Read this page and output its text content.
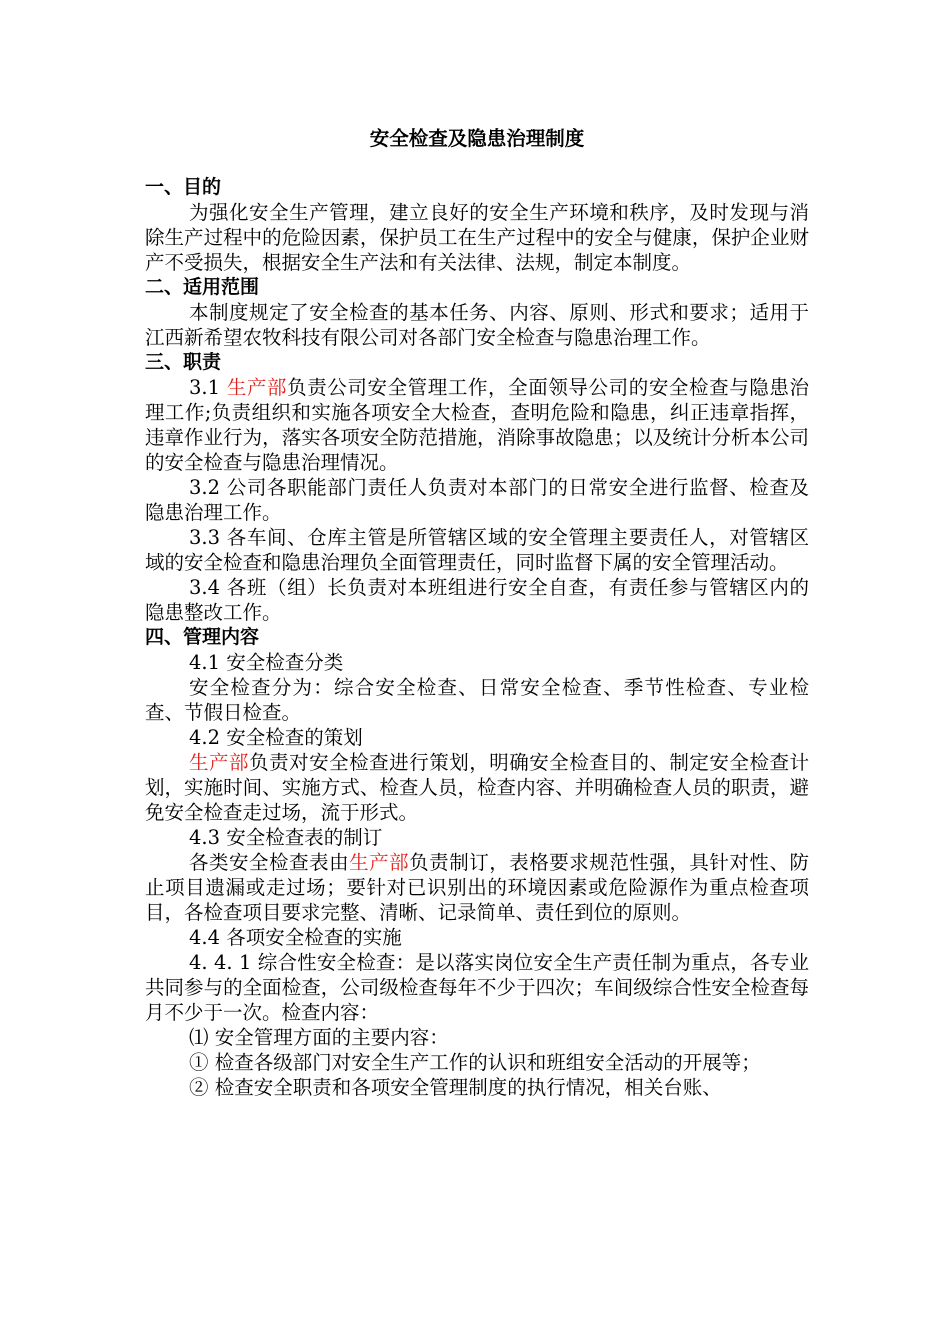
安全检查及隐患治理制度

一、目的

为强化安全生产管理，建立良好的安全生产环境和秩序，及时发现与消除生产过程中的危险因素，保护员工在生产过程中的安全与健康，保护企业财产不受损失，根据安全生产法和有关法律、法规，制定本制度。

二、适用范围

本制度规定了安全检查的基本任务、内容、原则、形式和要求；适用于江西新希望农牧科技有限公司对各部门安全检查与隐患治理工作。

三、职责

3.1 生产部负责公司安全管理工作，全面领导公司的安全检查与隐患治理工作;负责组织和实施各项安全大检查，查明危险和隐患，纠正违章指挥，违章作业行为，落实各项安全防范措施，消除事故隐患；以及统计分析本公司的安全检查与隐患治理情况。

3.2 公司各职能部门责任人负责对本部门的日常安全进行监督、检查及隐患治理工作。

3.3 各车间、仓库主管是所管辖区域的安全管理主要责任人，对管辖区域的安全检查和隐患治理负全面管理责任，同时监督下属的安全管理活动。

3.4 各班（组）长负责对本班组进行安全自查，有责任参与管辖区内的隐患整改工作。

四、管理内容

4.1 安全检查分类

安全检查分为：综合安全检查、日常安全检查、季节性检查、专业检查、节假日检查。

4.2 安全检查的策划

生产部负责对安全检查进行策划，明确安全检查目的、制定安全检查计划，实施时间、实施方式、检查人员，检查内容、并明确检查人员的职责，避免安全检查走过场，流于形式。

4.3 安全检查表的制订

各类安全检查表由生产部负责制订，表格要求规范性强，具针对性、防止项目遗漏或走过场；要针对已识别出的环境因素或危险源作为重点检查项目，各检查项目要求完整、清晰、记录简单、责任到位的原则。

4.4 各项安全检查的实施

4. 4. 1 综合性安全检查：是以落实岗位安全生产责任制为重点，各专业共同参与的全面检查，公司级检查每年不少于四次；车间级综合性安全检查每月不少于一次。检查内容：

⑴ 安全管理方面的主要内容：

① 检查各级部门对安全生产工作的认识和班组安全活动的开展等；

② 检查安全职责和各项安全管理制度的执行情况，相关台账、
